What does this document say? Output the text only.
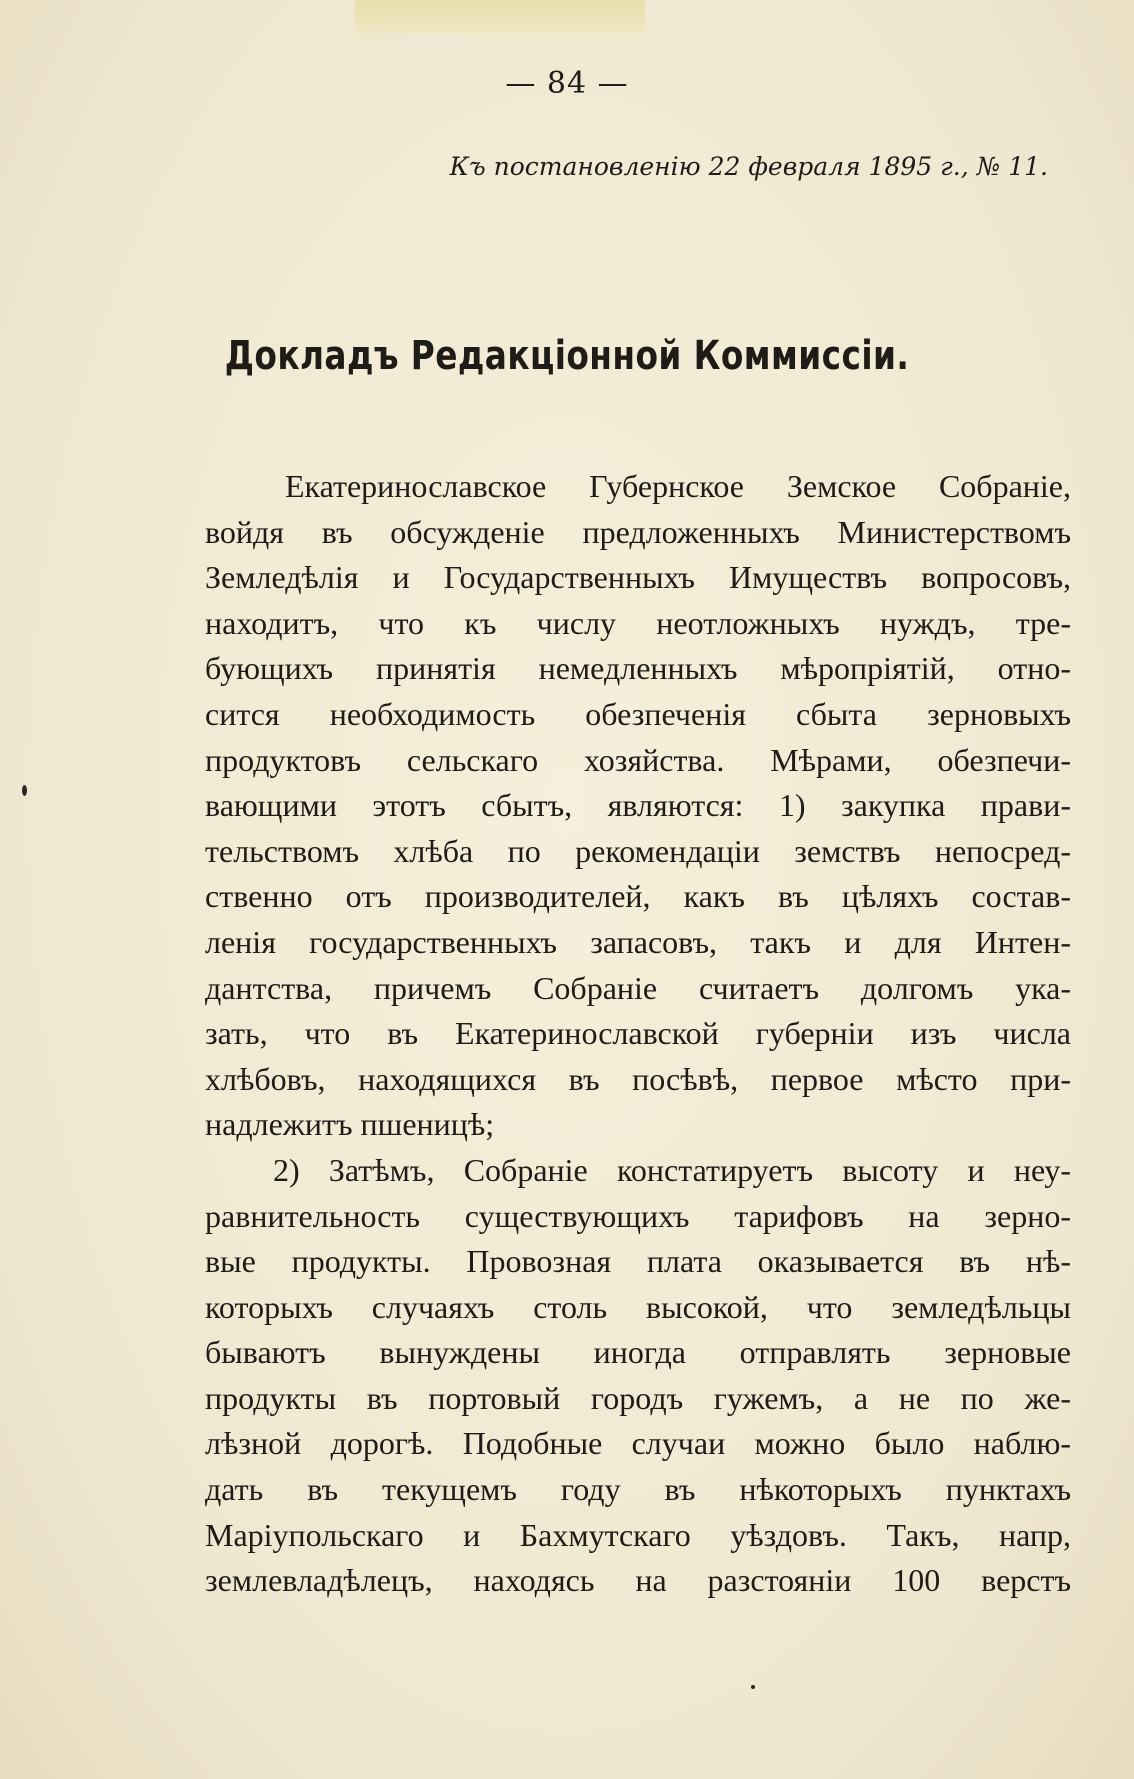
— 84 —
Къ постановленію 22 февраля 1895 г., № 11.
Докладъ Редакціонной Коммиссіи.
Екатеринославское Губернское Земское Собраніе,
войдя въ обсужденіе предложенныхъ Министерствомъ
Земледѣлія и Государственныхъ Имуществъ вопросовъ,
находитъ, что къ числу неотложныхъ нуждъ, тре-
бующихъ принятія немедленныхъ мѣропріятій, отно-
сится необходимость обезпеченія сбыта зерновыхъ
продуктовъ сельскаго хозяйства. Мѣрами, обезпечи-
вающими этотъ сбытъ, являются: 1) закупка прави-
тельствомъ хлѣба по рекомендаціи земствъ непосред-
ственно отъ производителей, какъ въ цѣляхъ состав-
ленія государственныхъ запасовъ, такъ и для Интен-
дантства, причемъ Собраніе считаетъ долгомъ ука-
зать, что въ Екатеринославской губерніи изъ числа
хлѣбовъ, находящихся въ посѣвѣ, первое мѣсто при-
надлежитъ пшеницѣ;
2) Затѣмъ, Собраніе констатируетъ высоту и неу-
равнительность существующихъ тарифовъ на зерно-
вые продукты. Провозная плата оказывается въ нѣ-
которыхъ случаяхъ столь высокой, что земледѣльцы
бываютъ вынуждены иногда отправлять зерновые
продукты въ портовый городъ гужемъ, а не по же-
лѣзной дорогѣ. Подобные случаи можно было наблю-
дать въ текущемъ году въ нѣкоторыхъ пунктахъ
Маріупольскаго и Бахмутскаго уѣздовъ. Такъ, напр,
землевладѣлецъ, находясь на разстояніи 100 верстъ
